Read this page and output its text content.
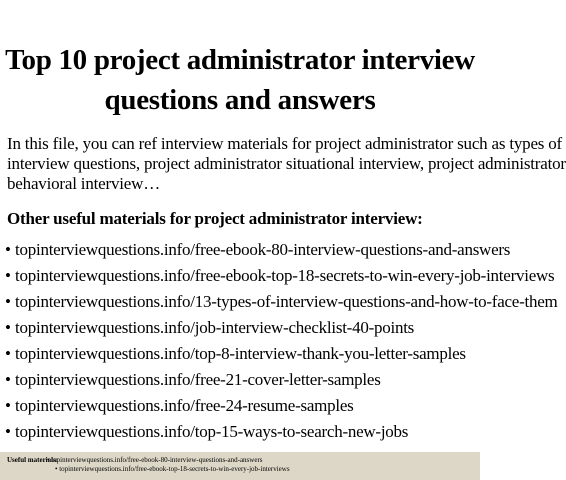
Top 10 project administrator interview
questions and answers
In this file, you can ref interview materials for project administrator such as types of
interview questions, project administrator situational interview, project administrator
behavioral interview…
Other useful materials for project administrator interview:
• topinterviewquestions.info/free-ebook-80-interview-questions-and-answers
• topinterviewquestions.info/free-ebook-top-18-secrets-to-win-every-job-interviews
• topinterviewquestions.info/13-types-of-interview-questions-and-how-to-face-them
• topinterviewquestions.info/job-interview-checklist-40-points
• topinterviewquestions.info/top-8-interview-thank-you-letter-samples
• topinterviewquestions.info/free-21-cover-letter-samples
• topinterviewquestions.info/free-24-resume-samples
• topinterviewquestions.info/top-15-ways-to-search-new-jobs
Useful materials:
• topinterviewquestions.info/free-ebook-80-interview-questions-and-answers
• topinterviewquestions.info/free-ebook-top-18-secrets-to-win-every-job-interviews
